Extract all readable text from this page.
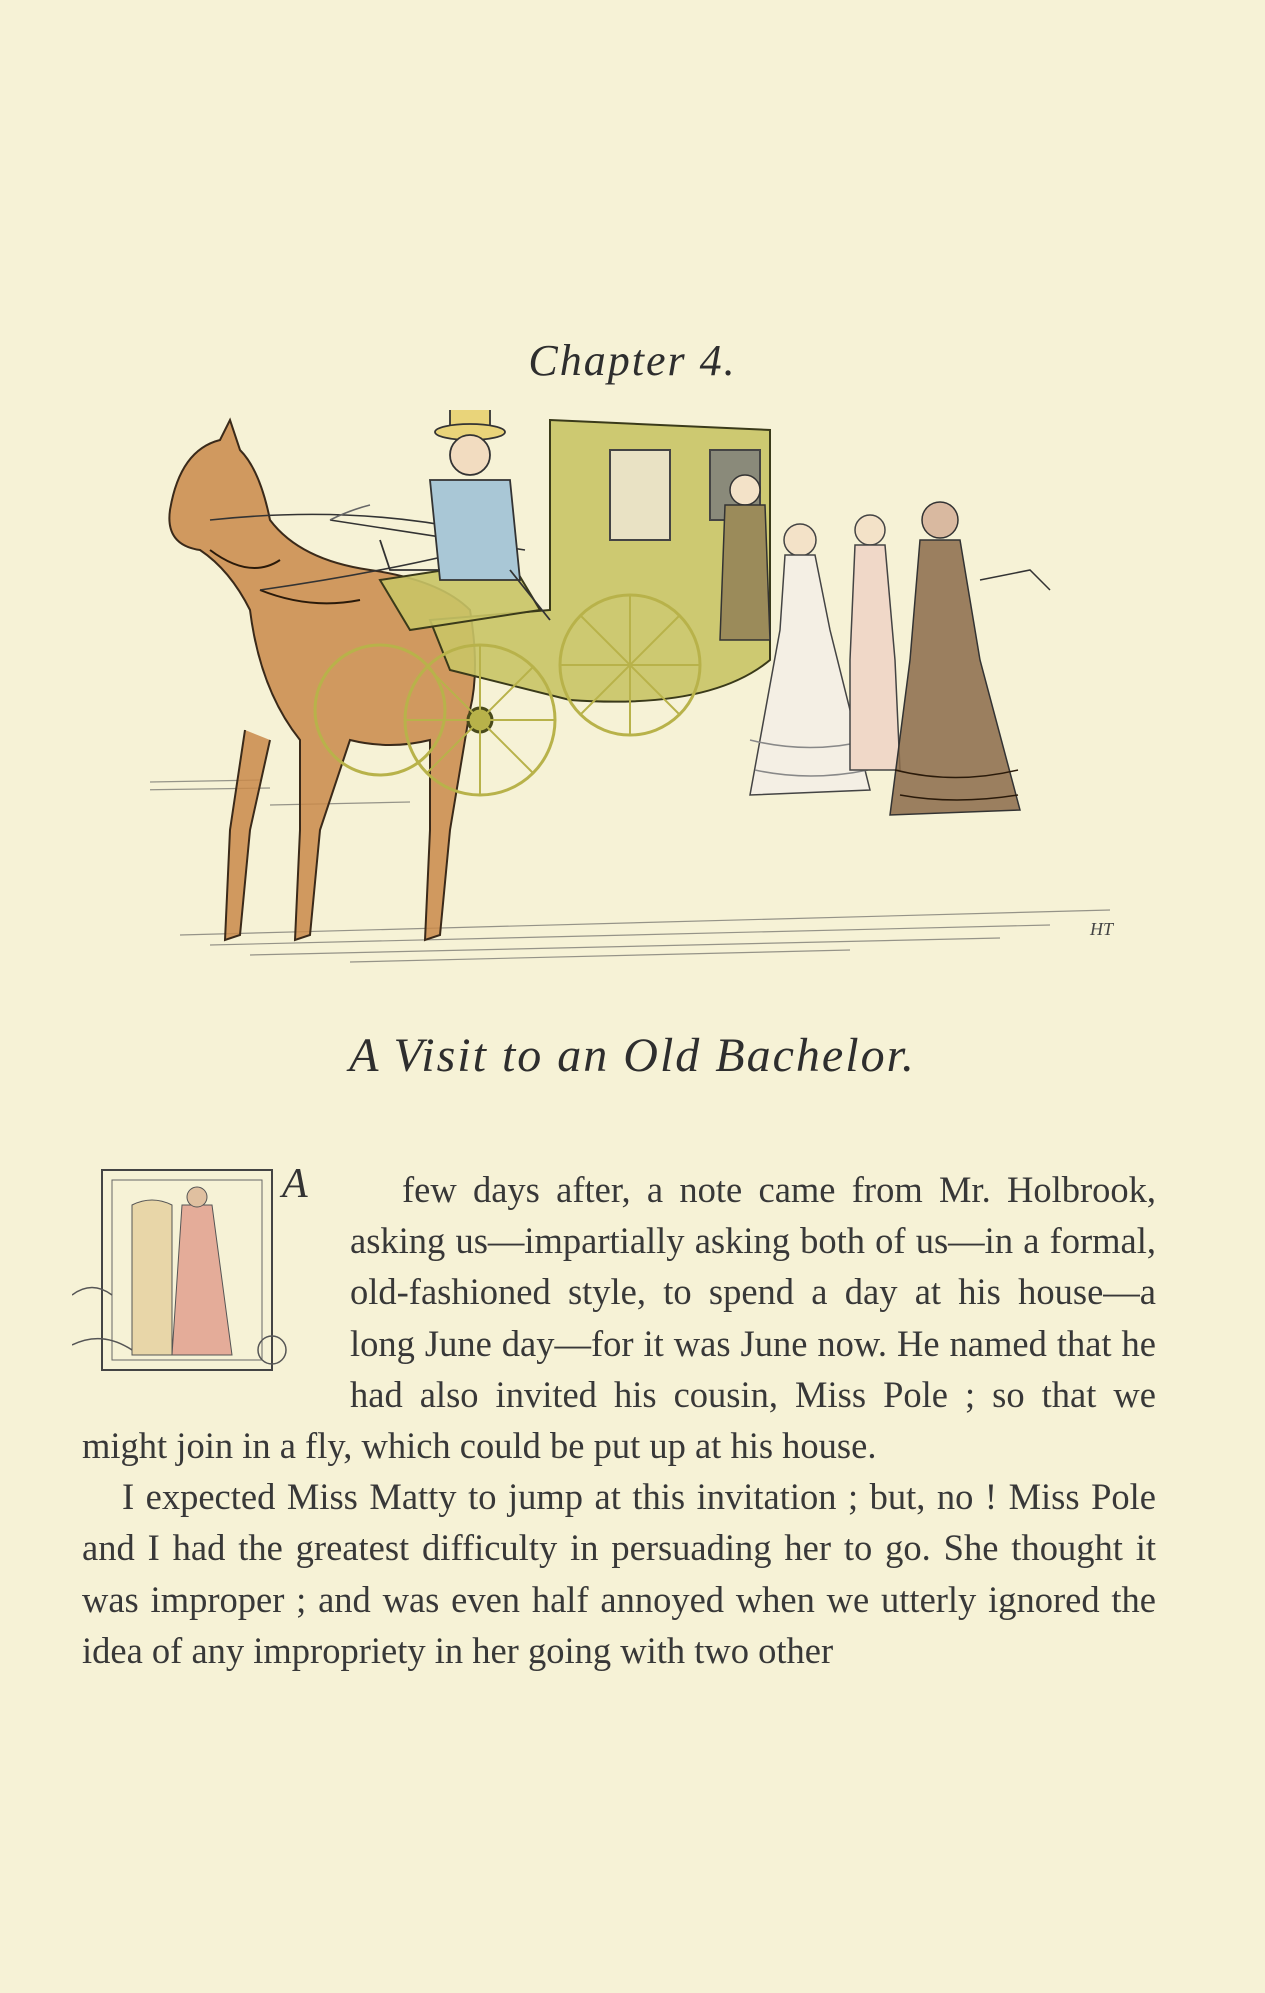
Chapter 4.
HT
A Visit to an Old Bachelor.
A	few days after, a note came from Mr. Holbrook, asking us—impartially asking both of us—in a formal, old-fashioned style, to spend a day at his house—a long June day—for it was June now. He named that he had also invited his cousin, Miss Pole ; so that we might join in a fly, which could be put up at his house.

I expected Miss Matty to jump at this invitation ; but, no ! Miss Pole and I had the greatest difficulty in persuading her to go. She thought it was improper ; and was even half annoyed when we utterly ignored the idea of any impropriety in her going with two other
